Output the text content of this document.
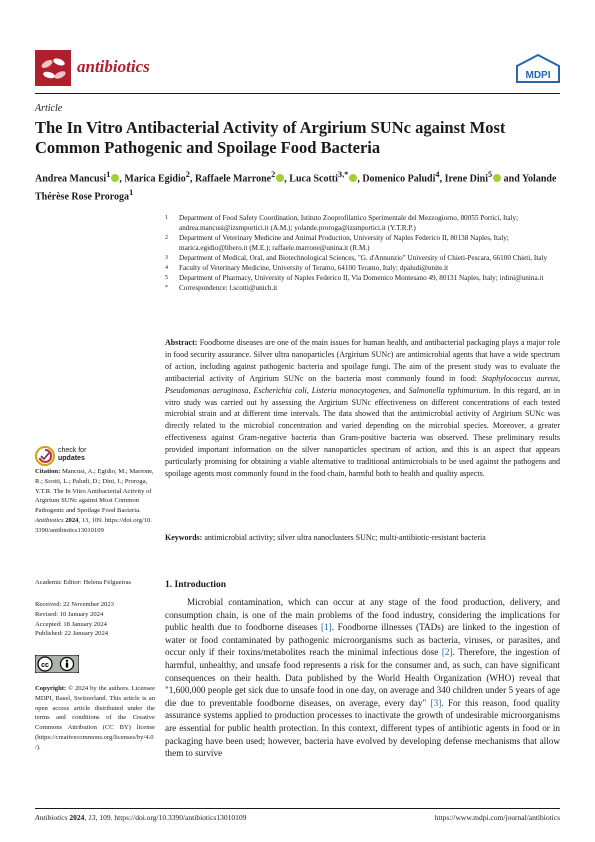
antibiotics	MDPI
Article
The In Vitro Antibacterial Activity of Argirium SUNc against Most Common Pathogenic and Spoilage Food Bacteria
Andrea Mancusi$^1$ , Marica Egidio$^2$, Raffaele Marrone$^2$ , Luca Scotti$^{3,*}$ , Domenico Paludi$^4$, Irene Dini$^5$ and Yolande Thérèse Rose Proroga$^1$
1 Department of Food Safety Coordination, Istituto Zooprofilattico Sperimentale del Mezzogiorno, 80055 Portici, Italy; andrea.mancusi@izsmportici.it (A.M.); yolande.proroga@izsmportici.it (Y.T.R.P.)
2 Department of Veterinary Medicine and Animal Production, University of Naples Federico II, 80138 Naples, Italy; marica.egidio@libero.it (M.E.); raffaele.marrone@unina.it (R.M.)
3 Department of Medical, Oral, and Biotechnological Sciences, "G. d'Annunzio" University of Chieti-Pescara, 66100 Chieti, Italy
4 Faculty of Veterinary Medicine, University of Teramo, 64100 Teramo, Italy; dpaludi@unite.it
5 Department of Pharmacy, University of Naples Federico II, Via Domenico Montesano 49, 80131 Naples, Italy; irdini@unina.it
* Correspondence: l.scotti@unich.it
Abstract: Foodborne diseases are one of the main issues for human health, and antibacterial packaging plays a major role in food security assurance. Silver ultra nanoparticles (Argirium SUNc) are antimicrobial agents that have a wide spectrum of action, including against pathogenic bacteria and spoilage fungi. The aim of the present study was to evaluate the antibacterial activity of Argirium SUNc on the bacteria most commonly found in food: Staphylococcus aureus, Pseudomonas aeruginosa, Escherichia coli, Listeria monocytogenes, and Salmonella typhimurium. In this regard, an in vitro study was carried out by assessing the Argirium SUNc effectiveness on different concentrations of each tested microbial strain and at different time intervals. The data showed that the antimicrobial activity of Argirium SUNc was directly related to the microbial concentration and varied depending on the microbial species. Moreover, a greater effectiveness against Gram-negative bacteria than Gram-positive bacteria was observed. These preliminary results provided important information on the silver nanoparticles spectrum of action, and this is an aspect that appears particularly promising for obtaining a viable alternative to traditional antimicrobials to be used against the pathogens and spoilage agents most commonly found in the food chain, harmful both to health and quality aspects.
Keywords: antimicrobial activity; silver ultra nanoclusters SUNc; multi-antibiotic-resistant bacteria
check for
updates
Citation: Mancusi, A.; Egidio, M.; Marrone, R.; Scotti, L.; Paludi, D.; Dini, I.; Proroga, Y.T.R. The In Vitro Antibacterial Activity of Argirium SUNc against Most Common Pathogenic and Spoilage Food Bacteria. Antibiotics 2024, 13, 109. https://doi.org/10.3390/antibiotics13010109
Academic Editor: Helena Felgueiras
Received: 22 November 2023
Revised: 10 January 2024
Accepted: 18 January 2024
Published: 22 January 2024
cc
Copyright: © 2024 by the authors. Licensee MDPI, Basel, Switzerland. This article is an open access article distributed under the terms and conditions of the Creative Commons Attribution (CC BY) license (https://creativecommons.org/licenses/by/4.0/).
1. Introduction

Microbial contamination, which can occur at any stage of the food production, delivery, and consumption chain, is one of the main problems of the food industry, considering the implications for public health due to foodborne diseases [1]. Foodborne illnesses (TADs) are linked to the ingestion of water or food contaminated by pathogenic microorganisms such as bacteria, viruses, or parasites, and occur only if their toxins/metabolites reach the minimal infectious dose [2]. Therefore, the ingestion of harmful, unhealthy, and unsafe food represents a risk for the consumer and, as such, can have significant consequences on their health. Data published by the World Health Organization (WHO) reveal that "1,600,000 people get sick due to unsafe food in one day, on average and 340 children under 5 years of age die due to preventable foodborne diseases, on average, every day" [3]. For this reason, food quality assurance systems applied to production processes to inactivate the growth of undesirable microorganisms are essential for public health protection. In this context, different types of antibiotic agents in food or in packaging have been used; however, bacteria have evolved by developing defense mechanisms that allow them to survive

Antibiotics 2024, 13, 109. https://doi.org/10.3390/antibiotics13010109	https://www.mdpi.com/journal/antibiotics
